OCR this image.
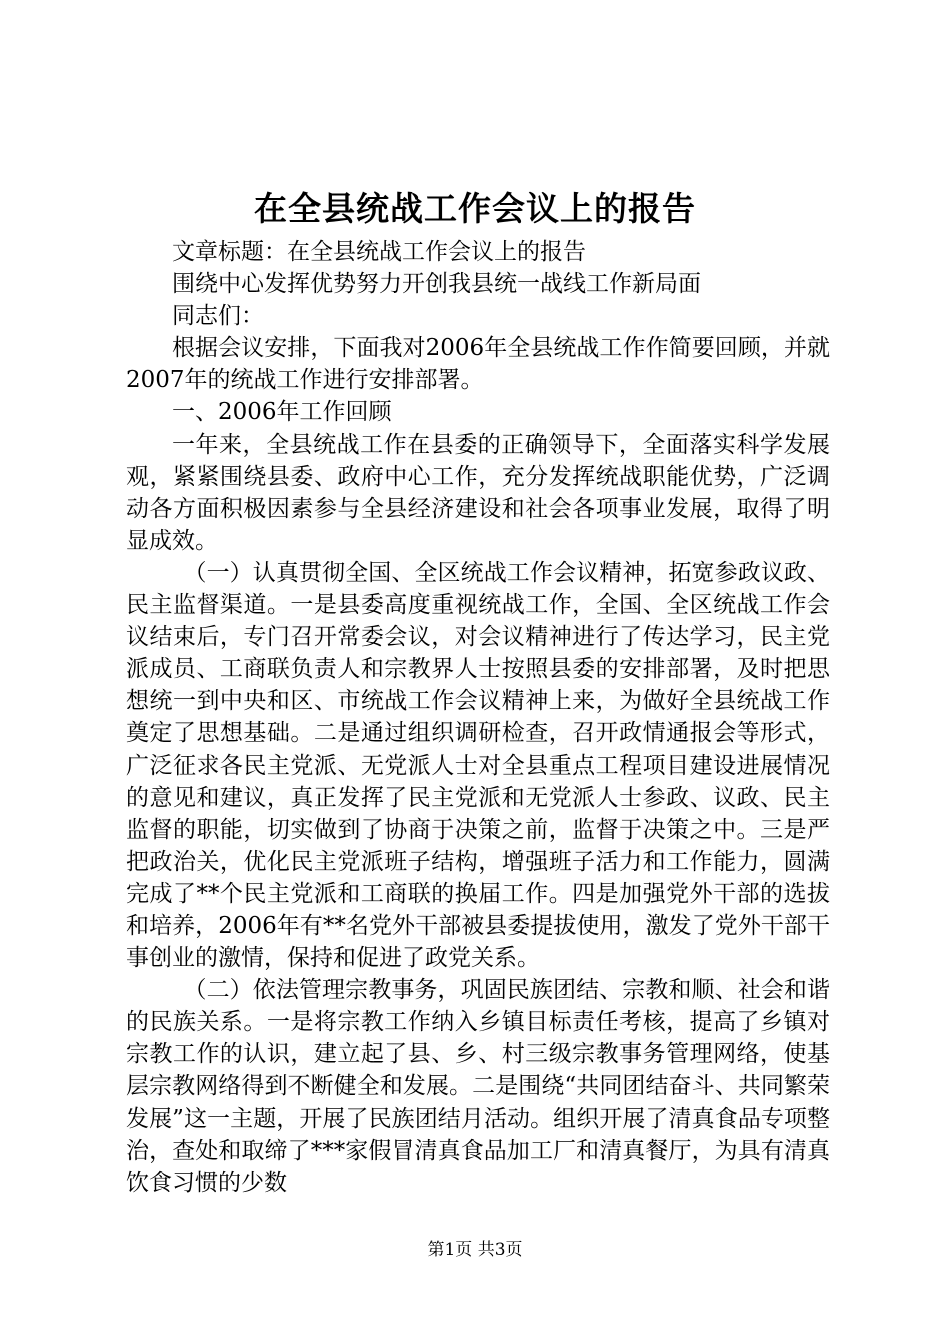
在全县统战工作会议上的报告

文章标题：在全县统战工作会议上的报告

围绕中心发挥优势努力开创我县统一战线工作新局面

同志们：

根据会议安排，下面我对2006年全县统战工作作简要回顾，并就2007年的统战工作进行安排部署。

一、2006年工作回顾

一年来，全县统战工作在县委的正确领导下，全面落实科学发展观，紧紧围绕县委、政府中心工作，充分发挥统战职能优势，广泛调动各方面积极因素参与全县经济建设和社会各项事业发展，取得了明显成效。

（一）认真贯彻全国、全区统战工作会议精神，拓宽参政议政、民主监督渠道。一是县委高度重视统战工作，全国、全区统战工作会议结束后，专门召开常委会议，对会议精神进行了传达学习，民主党派成员、工商联负责人和宗教界人士按照县委的安排部署，及时把思想统一到中央和区、市统战工作会议精神上来，为做好全县统战工作奠定了思想基础。二是通过组织调研检查，召开政情通报会等形式，广泛征求各民主党派、无党派人士对全县重点工程项目建设进展情况的意见和建议，真正发挥了民主党派和无党派人士参政、议政、民主监督的职能，切实做到了协商于决策之前，监督于决策之中。三是严把政治关，优化民主党派班子结构，增强班子活力和工作能力，圆满完成了**个民主党派和工商联的换届工作。四是加强党外干部的选拔和培养，2006年有**名党外干部被县委提拔使用，激发了党外干部干事创业的激情，保持和促进了政党关系。

（二）依法管理宗教事务，巩固民族团结、宗教和顺、社会和谐的民族关系。一是将宗教工作纳入乡镇目标责任考核，提高了乡镇对宗教工作的认识，建立起了县、乡、村三级宗教事务管理网络，使基层宗教网络得到不断健全和发展。二是围绕“共同团结奋斗、共同繁荣发展”这一主题，开展了民族团结月活动。组织开展了清真食品专项整治，查处和取缔了***家假冒清真食品加工厂和清真餐厅，为具有清真饮食习惯的少数

第1页 共3页
